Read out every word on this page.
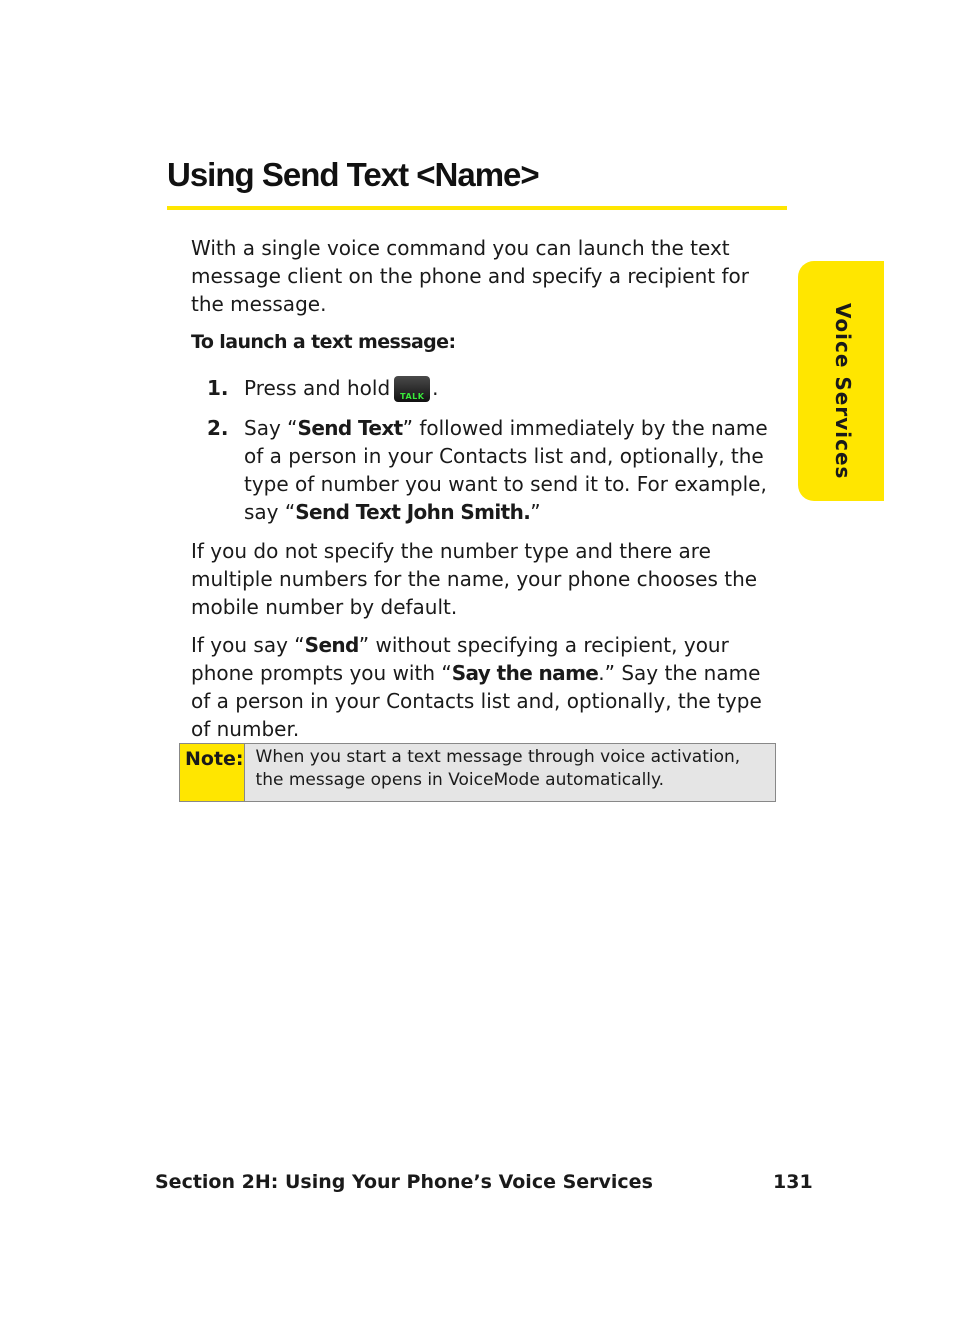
Using Send Text <Name>
Voice Services

With a single voice command you can launch the text message client on the phone and specify a recipient for the message.

To launch a text message:

1. Press and hold TALK .
2. Say “Send Text” followed immediately by the name of a person in your Contacts list and, optionally, the type of number you want to send it to. For example, say “Send Text John Smith.”

If you do not specify the number type and there are multiple numbers for the name, your phone chooses the mobile number by default.

If you say “Send” without specifying a recipient, your phone prompts you with “Say the name.” Say the name of a person in your Contacts list and, optionally, the type of number.

Note: When you start a text message through voice activation, the message opens in VoiceMode automatically.
Section 2H: Using Your Phone’s Voice Services	131
